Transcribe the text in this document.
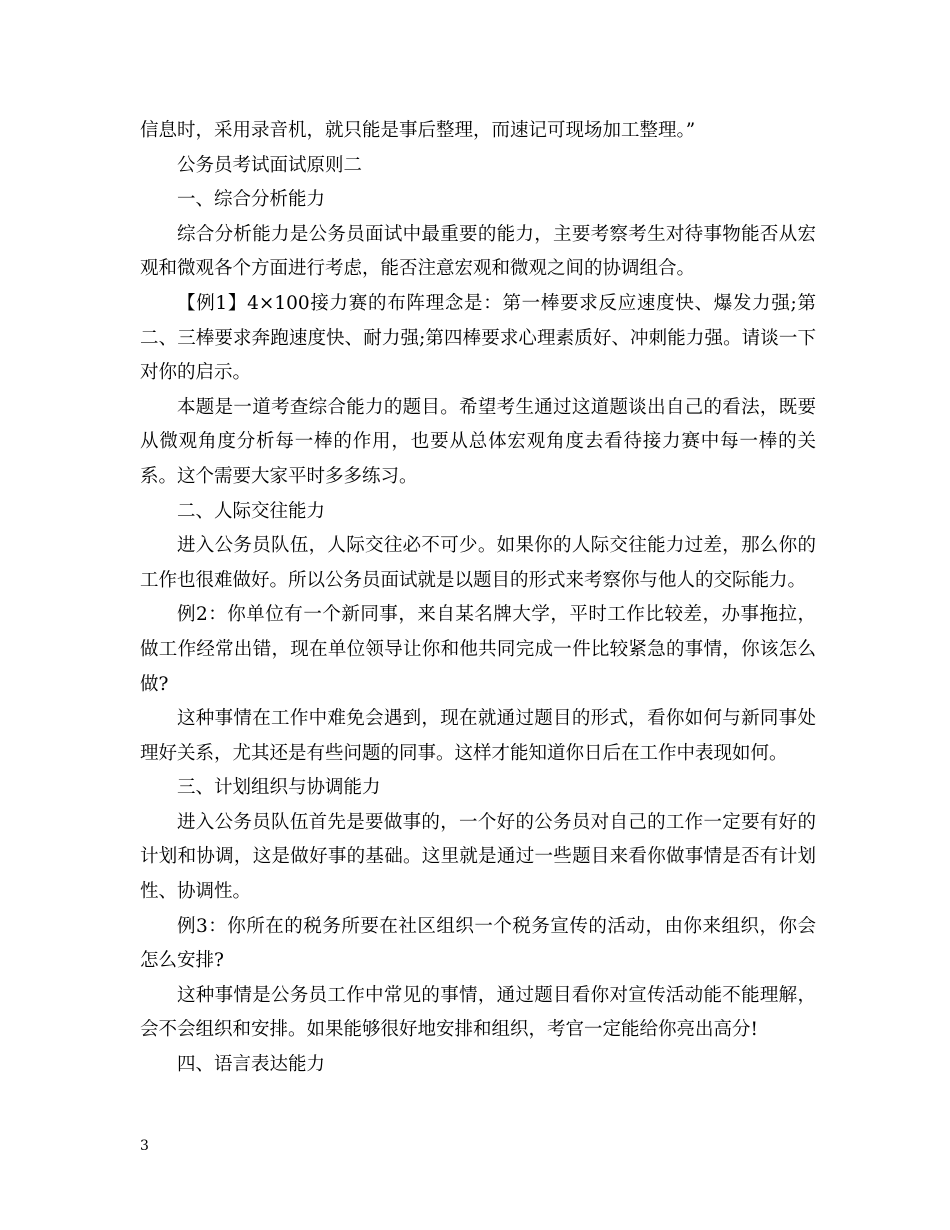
信息时，采用录音机，就只能是事后整理，而速记可现场加工整理。”

公务员考试面试原则二

一、综合分析能力

综合分析能力是公务员面试中最重要的能力，主要考察考生对待事物能否从宏观和微观各个方面进行考虑，能否注意宏观和微观之间的协调组合。

【例1】4×100接力赛的布阵理念是：第一棒要求反应速度快、爆发力强;第二、三棒要求奔跑速度快、耐力强;第四棒要求心理素质好、冲刺能力强。请谈一下对你的启示。

本题是一道考查综合能力的题目。希望考生通过这道题谈出自己的看法，既要从微观角度分析每一棒的作用，也要从总体宏观角度去看待接力赛中每一棒的关系。这个需要大家平时多多练习。

二、人际交往能力

进入公务员队伍，人际交往必不可少。如果你的人际交往能力过差，那么你的工作也很难做好。所以公务员面试就是以题目的形式来考察你与他人的交际能力。

例2：你单位有一个新同事，来自某名牌大学，平时工作比较差，办事拖拉，做工作经常出错，现在单位领导让你和他共同完成一件比较紧急的事情，你该怎么做?

这种事情在工作中难免会遇到，现在就通过题目的形式，看你如何与新同事处理好关系，尤其还是有些问题的同事。这样才能知道你日后在工作中表现如何。

三、计划组织与协调能力

进入公务员队伍首先是要做事的，一个好的公务员对自己的工作一定要有好的计划和协调，这是做好事的基础。这里就是通过一些题目来看你做事情是否有计划性、协调性。

例3：你所在的税务所要在社区组织一个税务宣传的活动，由你来组织，你会怎么安排?

这种事情是公务员工作中常见的事情，通过题目看你对宣传活动能不能理解，会不会组织和安排。如果能够很好地安排和组织，考官一定能给你亮出高分!

四、语言表达能力

3
